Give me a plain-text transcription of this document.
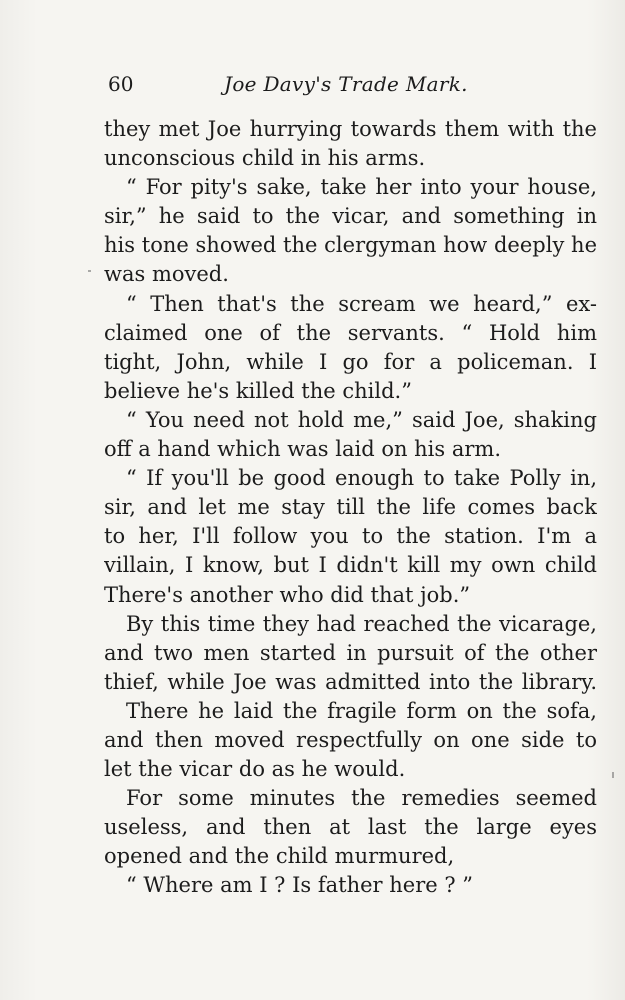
60	Joe Davy's Trade Mark.
they met Joe hurrying towards them with the
unconscious child in his arms.
“ For pity's sake, take her into your house,
sir,” he said to the vicar, and something in
his tone showed the clergyman how deeply he
was moved.
“ Then that's the scream we heard,” ex-
claimed one of the servants. “ Hold him
tight, John, while I go for a policeman. I
believe he's killed the child.”
“ You need not hold me,” said Joe, shaking
off a hand which was laid on his arm.
“ If you'll be good enough to take Polly in,
sir, and let me stay till the life comes back
to her, I'll follow you to the station. I'm a
villain, I know, but I didn't kill my own child
There's another who did that job.”
By this time they had reached the vicarage,
and two men started in pursuit of the other
thief, while Joe was admitted into the library.
There he laid the fragile form on the sofa,
and then moved respectfully on one side to
let the vicar do as he would.
For some minutes the remedies seemed
useless, and then at last the large eyes
opened and the child murmured,
“ Where am I ? Is father here ? ”
